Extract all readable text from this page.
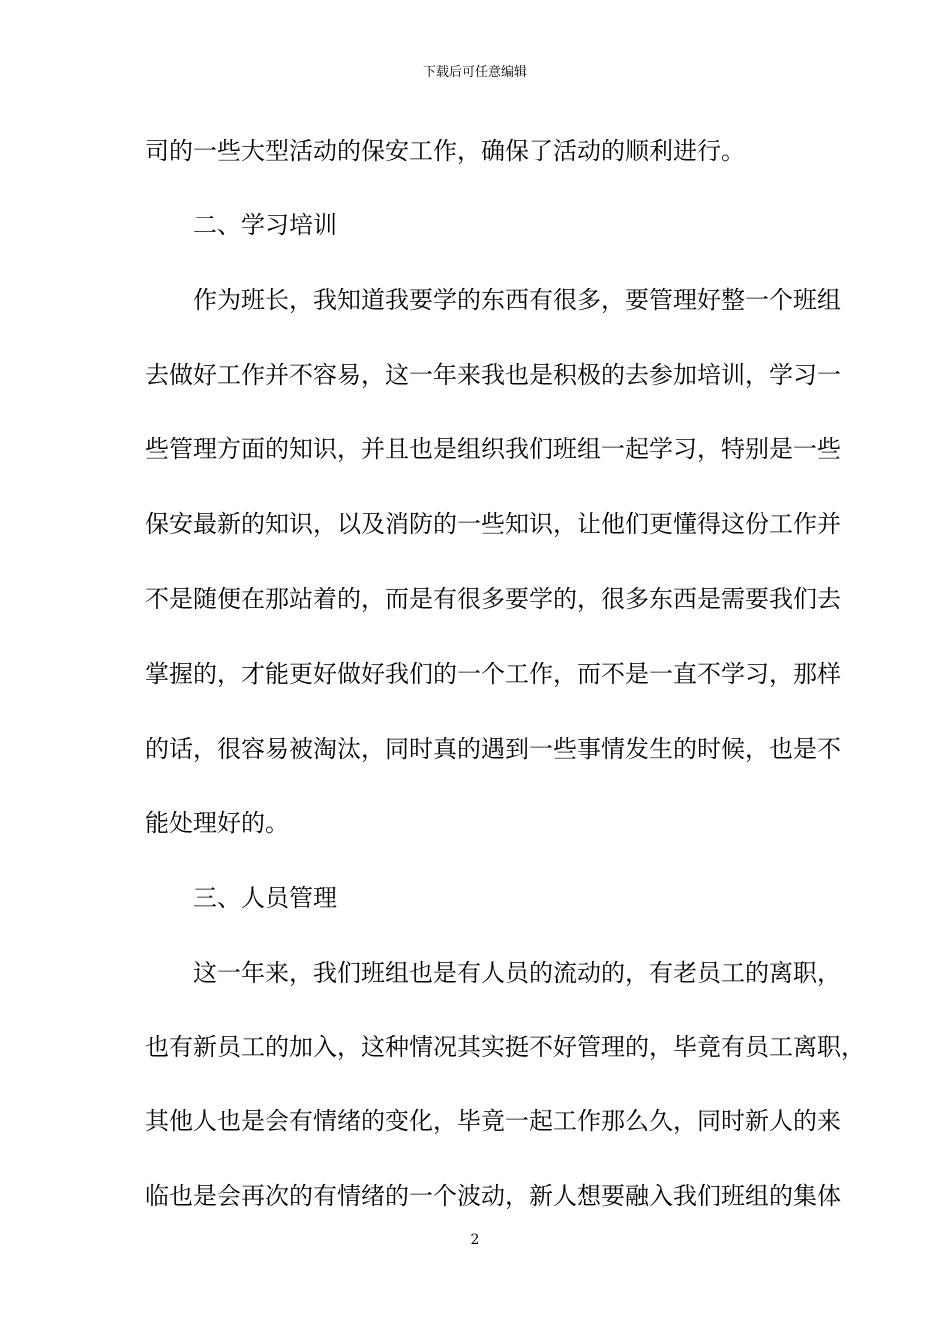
下载后可任意编辑
司的一些大型活动的保安工作，确保了活动的顺利进行。
二、学习培训
作为班长，我知道我要学的东西有很多，要管理好整一个班组
去做好工作并不容易，这一年来我也是积极的去参加培训，学习一
些管理方面的知识，并且也是组织我们班组一起学习，特别是一些
保安最新的知识，以及消防的一些知识，让他们更懂得这份工作并
不是随便在那站着的，而是有很多要学的，很多东西是需要我们去
掌握的，才能更好做好我们的一个工作，而不是一直不学习，那样
的话，很容易被淘汰，同时真的遇到一些事情发生的时候，也是不
能处理好的。
三、人员管理
这一年来，我们班组也是有人员的流动的，有老员工的离职，
也有新员工的加入，这种情况其实挺不好管理的，毕竟有员工离职，
其他人也是会有情绪的变化，毕竟一起工作那么久，同时新人的来
临也是会再次的有情绪的一个波动，新人想要融入我们班组的集体
2
